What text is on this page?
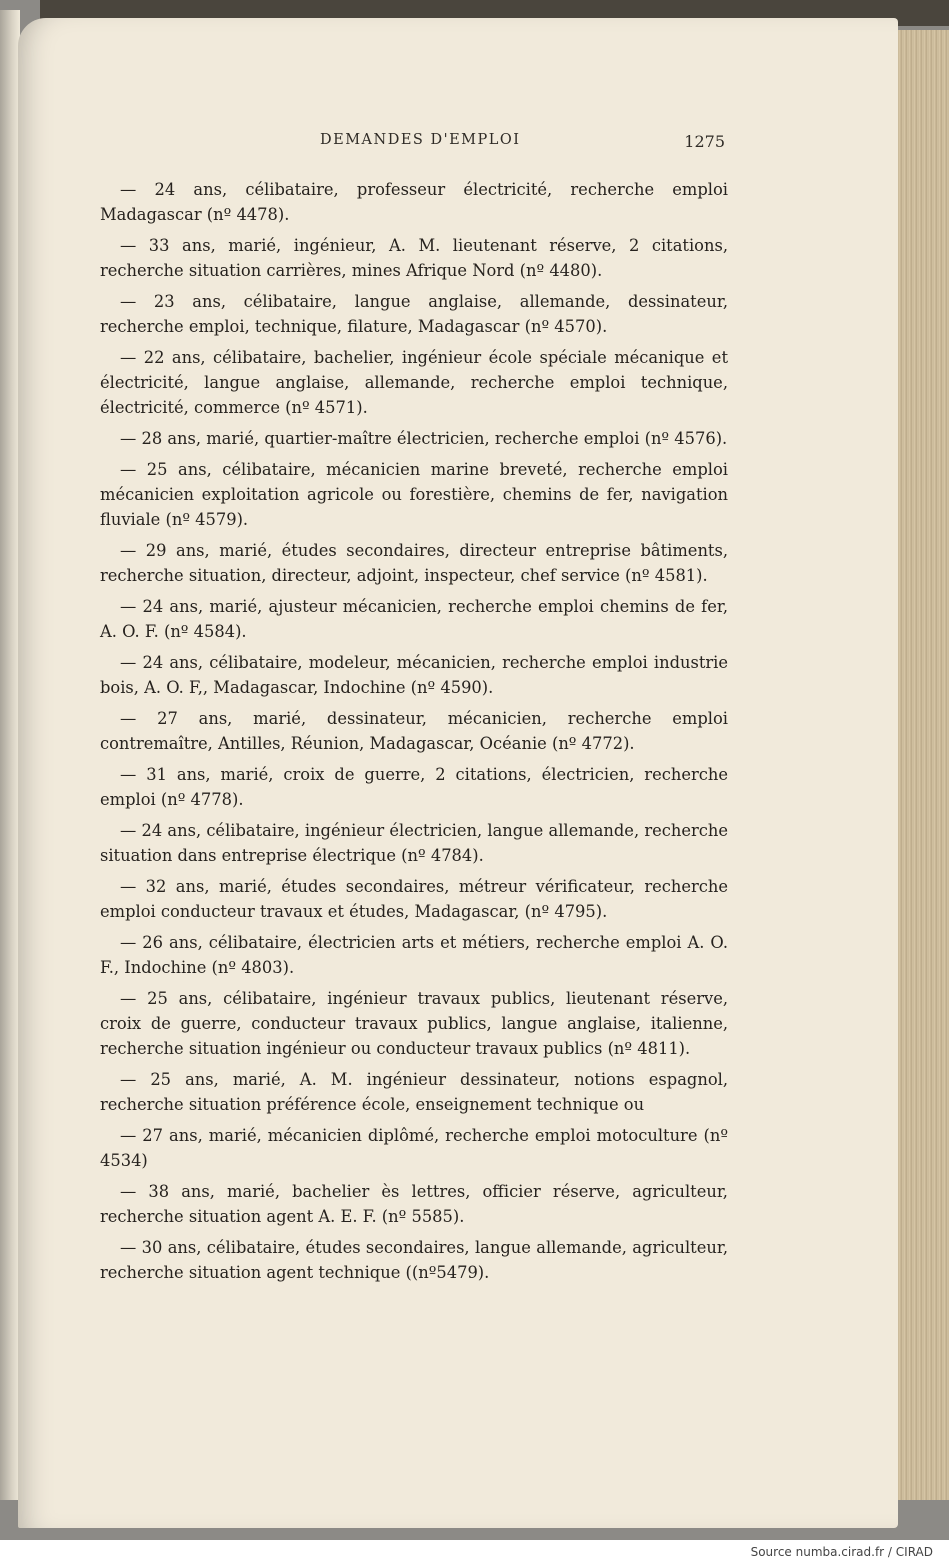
DEMANDES D'EMPLOI	1275

— 24 ans, célibataire, professeur électricité, recherche emploi Madagascar (nº 4478).

— 33 ans, marié, ingénieur, A. M. lieutenant réserve, 2 citations, recherche situation carrières, mines Afrique Nord (nº 4480).

— 23 ans, célibataire, langue anglaise, allemande, dessinateur, recherche emploi, technique, filature, Madagascar (nº 4570).

— 22 ans, célibataire, bachelier, ingénieur école spéciale mécanique et électricité, langue anglaise, allemande, recherche emploi technique, électricité, commerce (nº 4571).

— 28 ans, marié, quartier-maître électricien, recherche emploi (nº 4576).

— 25 ans, célibataire, mécanicien marine breveté, recherche emploi mécanicien exploitation agricole ou forestière, chemins de fer, navigation fluviale (nº 4579).

— 29 ans, marié, études secondaires, directeur entreprise bâtiments, recherche situation, directeur, adjoint, inspecteur, chef service (nº 4581).

— 24 ans, marié, ajusteur mécanicien, recherche emploi chemins de fer, A. O. F. (nº 4584).

— 24 ans, célibataire, modeleur, mécanicien, recherche emploi industrie bois, A. O. F,, Madagascar, Indochine (nº 4590).

— 27 ans, marié, dessinateur, mécanicien, recherche emploi contremaître, Antilles, Réunion, Madagascar, Océanie (nº 4772).

— 31 ans, marié, croix de guerre, 2 citations, électricien, recherche emploi (nº 4778).

— 24 ans, célibataire, ingénieur électricien, langue allemande, recherche situation dans entreprise électrique (nº 4784).

— 32 ans, marié, études secondaires, métreur vérificateur, recherche emploi conducteur travaux et études, Madagascar, (nº 4795).

— 26 ans, célibataire, électricien arts et métiers, recherche emploi A. O. F., Indochine (nº 4803).

— 25 ans, célibataire, ingénieur travaux publics, lieutenant réserve, croix de guerre, conducteur travaux publics, langue anglaise, italienne, recherche situation ingénieur ou conducteur travaux publics (nº 4811).

— 25 ans, marié, A. M. ingénieur dessinateur, notions espagnol, recherche situation préférence école, enseignement technique ou

— 27 ans, marié, mécanicien diplômé, recherche emploi motoculture (nº 4534)

— 38 ans, marié, bachelier ès lettres, officier réserve, agriculteur, recherche situation agent A. E. F. (nº 5585).

— 30 ans, célibataire, études secondaires, langue allemande, agriculteur, recherche situation agent technique ((nº5479).

Source numba.cirad.fr / CIRAD
